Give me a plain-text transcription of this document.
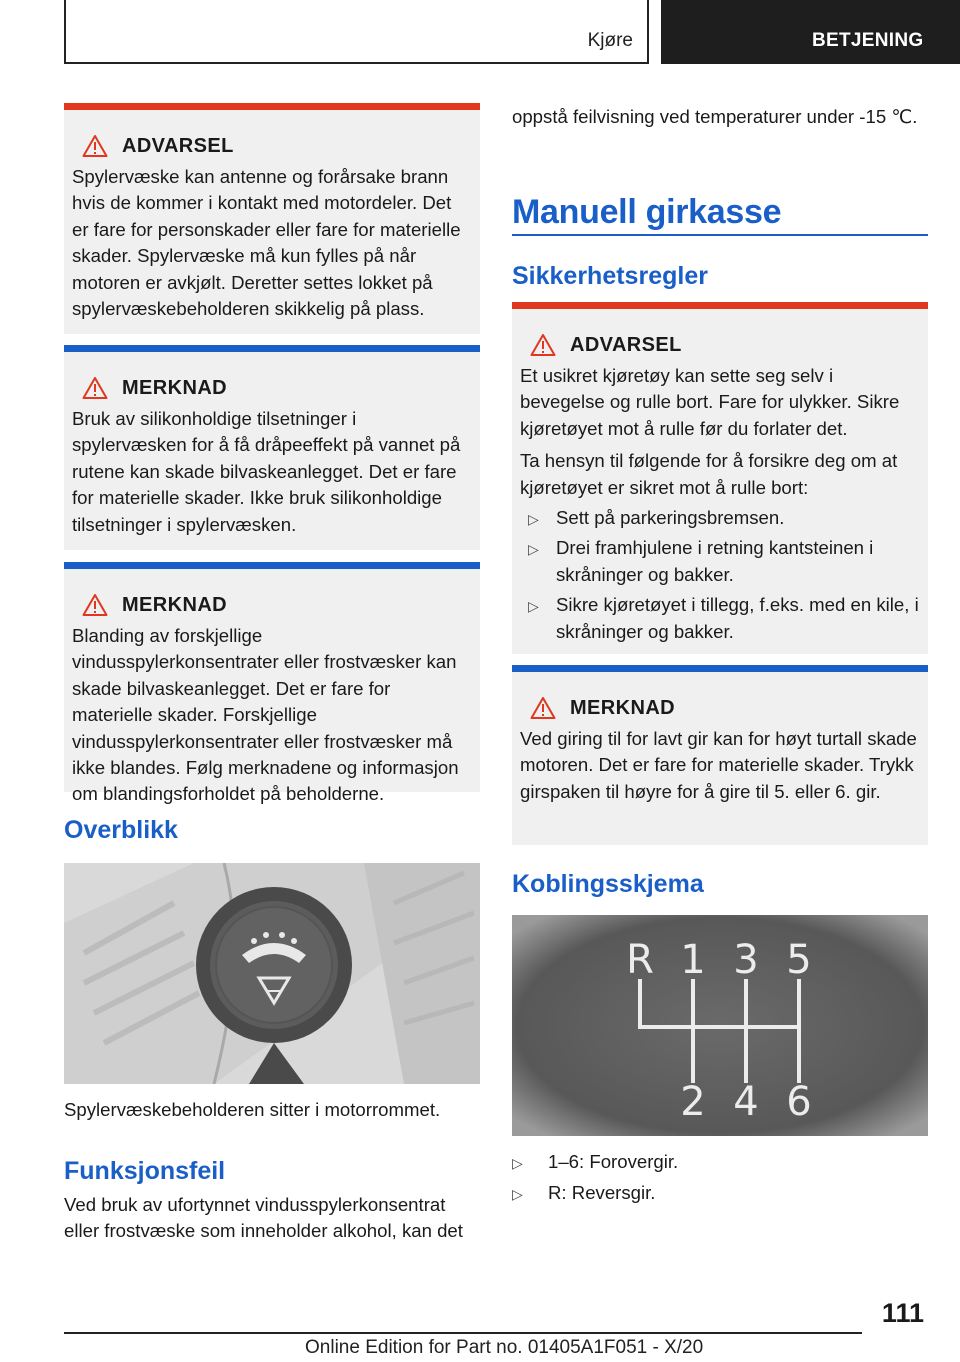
Kjøre	BETJENING
ADVARSEL

Spylervæske kan antenne og forårsake brann hvis de kommer i kontakt med motordeler. Det er fare for personskader eller fare for materielle skader. Spylervæske må kun fylles på når motoren er avkjølt. Deretter settes lokket på spylervæskebeholderen skikkelig på plass.

MERKNAD

Bruk av silikonholdige tilsetninger i spylervæsken for å få dråpeeffekt på vannet på rutene kan skade bilvaskeanlegget. Det er fare for materielle skader. Ikke bruk silikonholdige tilsetninger i spylervæsken.

MERKNAD

Blanding av forskjellige vindusspylerkonsentrater eller frostvæsker kan skade bilvaskeanlegget. Det er fare for materielle skader. Forskjellige vindusspylerkonsentrater eller frostvæsker må ikke blandes. Følg merknadene og informasjon om blandingsforholdet på beholderne.

Overblikk
Spylervæskebeholderen sitter i motorrommet.
Funksjonsfeil
Ved bruk av ufortynnet vindusspylerkonsentrat eller frostvæske som inneholder alkohol, kan det
oppstå feilvisning ved temperaturer under -15 ℃.
Manuell girkasse
Sikkerhetsregler
ADVARSEL

Et usikret kjøretøy kan sette seg selv i bevegelse og rulle bort. Fare for ulykker. Sikre kjøretøyet mot å rulle før du forlater det.

Ta hensyn til følgende for å forsikre deg om at kjøretøyet er sikret mot å rulle bort:

▷ Sett på parkeringsbremsen.
▷ Drei framhjulene i retning kantsteinen i skråninger og bakker.
▷ Sikre kjøretøyet i tillegg, f.eks. med en kile, i skråninger og bakker.
MERKNAD

Ved giring til for lavt gir kan for høyt turtall skade motoren. Det er fare for materielle skader. Trykk girspaken til høyre for å gire til 5. eller 6. gir.

Koblingsskjema
R 1 3 5
2 4 6
▷ 1–6: Forovergir.
▷ R: Reversgir.
111
Online Edition for Part no. 01405A1F051 - X/20
